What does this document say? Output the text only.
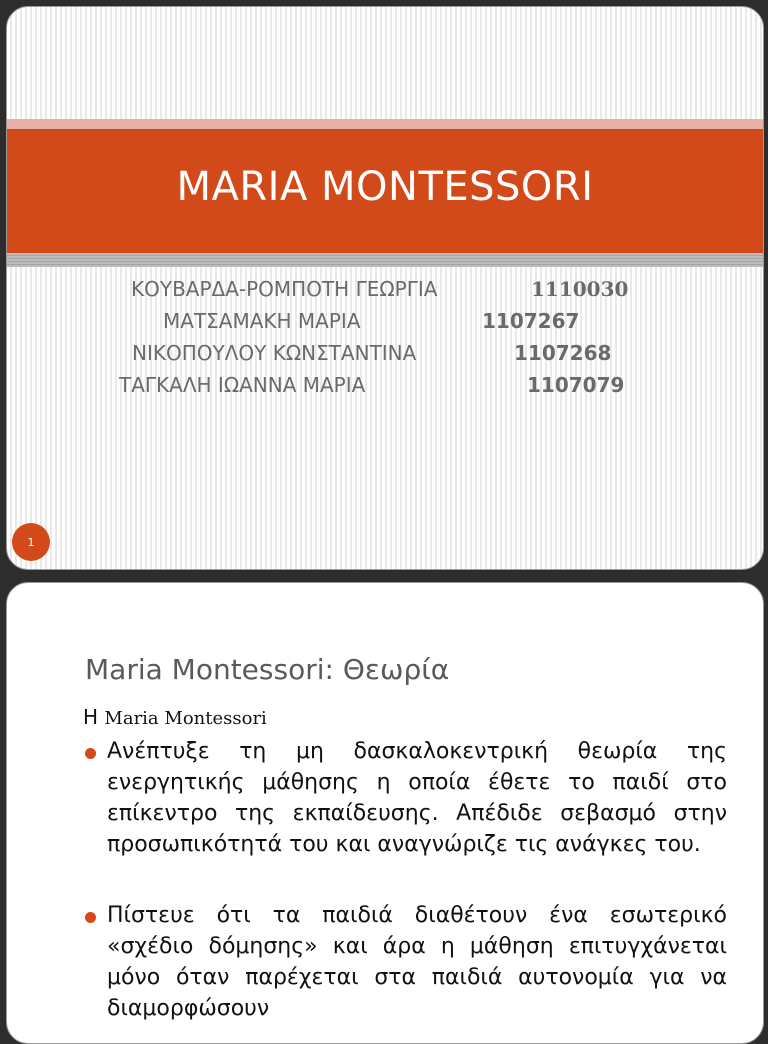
MARIA MONTESSORI
ΚΟΥΒΑΡΔΑ-ΡΟΜΠΟΤΗ ΓΕΩΡΓΙΑ	1110030
ΜΑΤΣΑΜΑΚΗ ΜΑΡΙΑ	1107267
ΝΙΚΟΠΟΥΛΟΥ ΚΩΝΣΤΑΝΤΙΝΑ	1107268
ΤΑΓΚΑΛΗ ΙΩΑΝΝΑ ΜΑΡΙΑ	1107079
1
Maria Montessori: Θεωρία
Η Maria Montessori
Ανέπτυξε τη μη δασκαλοκεντρική θεωρία της ενεργητικής μάθησης η οποία έθετε το παιδί στο επίκεντρο της εκπαίδευσης. Απέδιδε σεβασμό στην προσωπικότητά του και αναγνώριζε τις ανάγκες του.
Πίστευε ότι τα παιδιά διαθέτουν ένα εσωτερικό «σχέδιο δόμησης» και άρα η μάθηση επιτυγχάνεται μόνο όταν παρέχεται στα παιδιά αυτονομία για να διαμορφώσουν
